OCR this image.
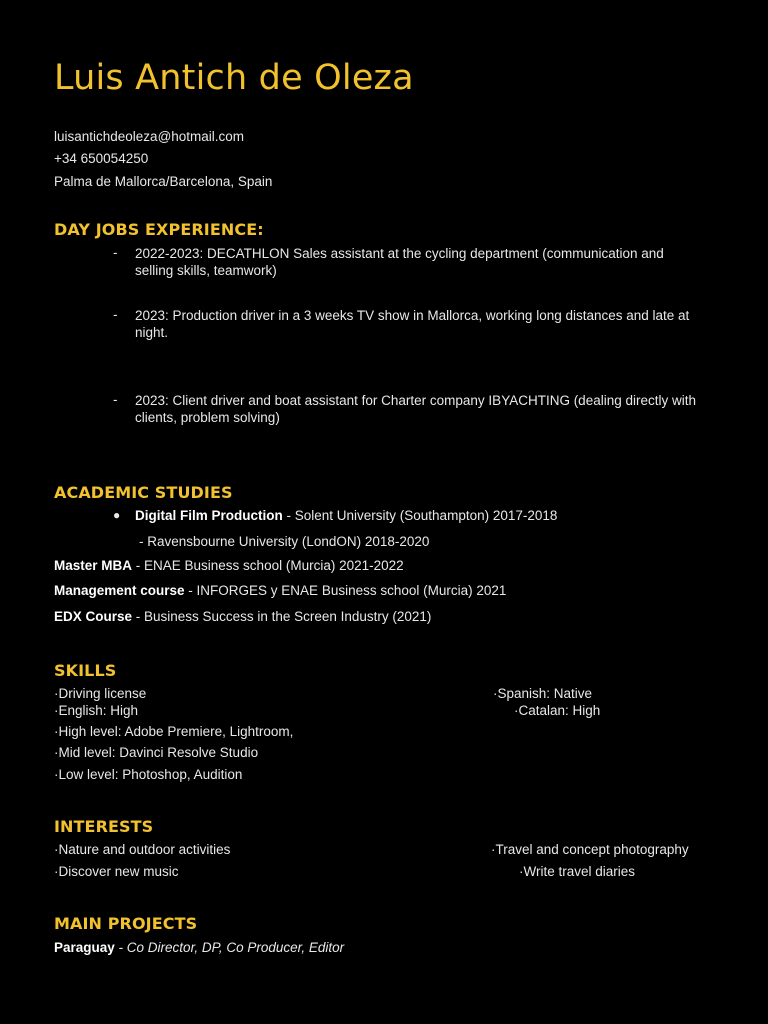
Luis Antich de Oleza
luisantichdeoleza@hotmail.com
+34 650054250
Palma de Mallorca/Barcelona, Spain
DAY JOBS EXPERIENCE:
- 2022-2023: DECATHLON Sales assistant at the cycling department (communication and selling skills, teamwork)
- 2023: Production driver in a 3 weeks TV show in Mallorca, working long distances and late at night.
- 2023: Client driver and boat assistant for Charter company IBYACHTING (dealing directly with clients, problem solving)
ACADEMIC STUDIES
● Digital Film Production - Solent University (Southampton) 2017-2018
- Ravensbourne University (LondON) 2018-2020
Master MBA - ENAE Business school (Murcia) 2021-2022
Management course - INFORGES y ENAE Business school (Murcia) 2021
EDX Course - Business Success in the Screen Industry (2021)
SKILLS
·Driving license	·Spanish: Native
·English: High	·Catalan: High
·High level: Adobe Premiere, Lightroom,
·Mid level: Davinci Resolve Studio
·Low level: Photoshop, Audition
INTERESTS
·Nature and outdoor activities	·Travel and concept photography
·Discover new music	·Write travel diaries
MAIN PROJECTS
Paraguay - Co Director, DP, Co Producer, Editor
